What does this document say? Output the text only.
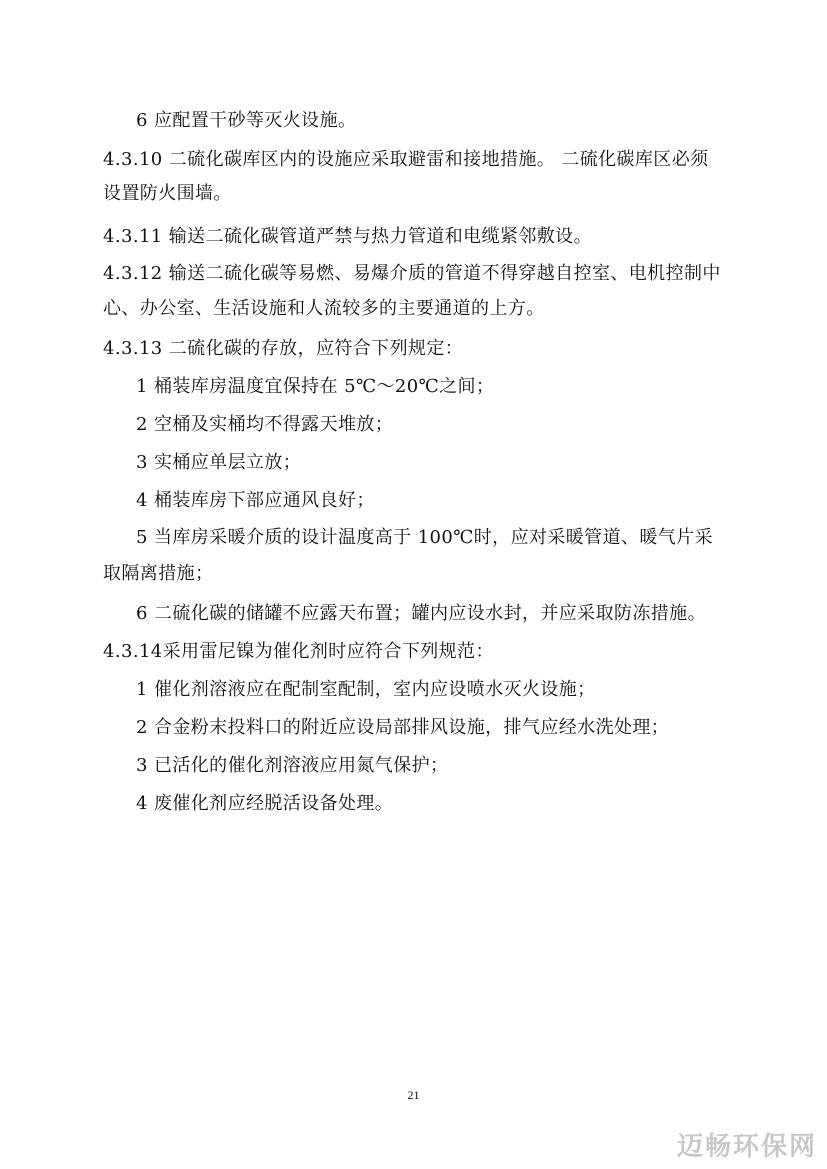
6 应配置干砂等灭火设施。
4.3.10 二硫化碳库区内的设施应采取避雷和接地措施。 二硫化碳库区必须
设置防火围墙。
4.3.11 输送二硫化碳管道严禁与热力管道和电缆紧邻敷设。
4.3.12 输送二硫化碳等易燃、易爆介质的管道不得穿越自控室、电机控制中
心、办公室、生活设施和人流较多的主要通道的上方。
4.3.13 二硫化碳的存放，应符合下列规定：
1 桶装库房温度宜保持在 5℃～20℃之间；
2 空桶及实桶均不得露天堆放；
3 实桶应单层立放；
4 桶装库房下部应通风良好；
5 当库房采暖介质的设计温度高于 100℃时，应对采暖管道、暖气片采
取隔离措施；
6 二硫化碳的储罐不应露天布置；罐内应设水封，并应采取防冻措施。
4.3.14采用雷尼镍为催化剂时应符合下列规范：
1 催化剂溶液应在配制室配制，室内应设喷水灭火设施；
2 合金粉末投料口的附近应设局部排风设施，排气应经水洗处理；
3 已活化的催化剂溶液应用氮气保护；
4 废催化剂应经脱活设备处理。
21
迈畅环保网
